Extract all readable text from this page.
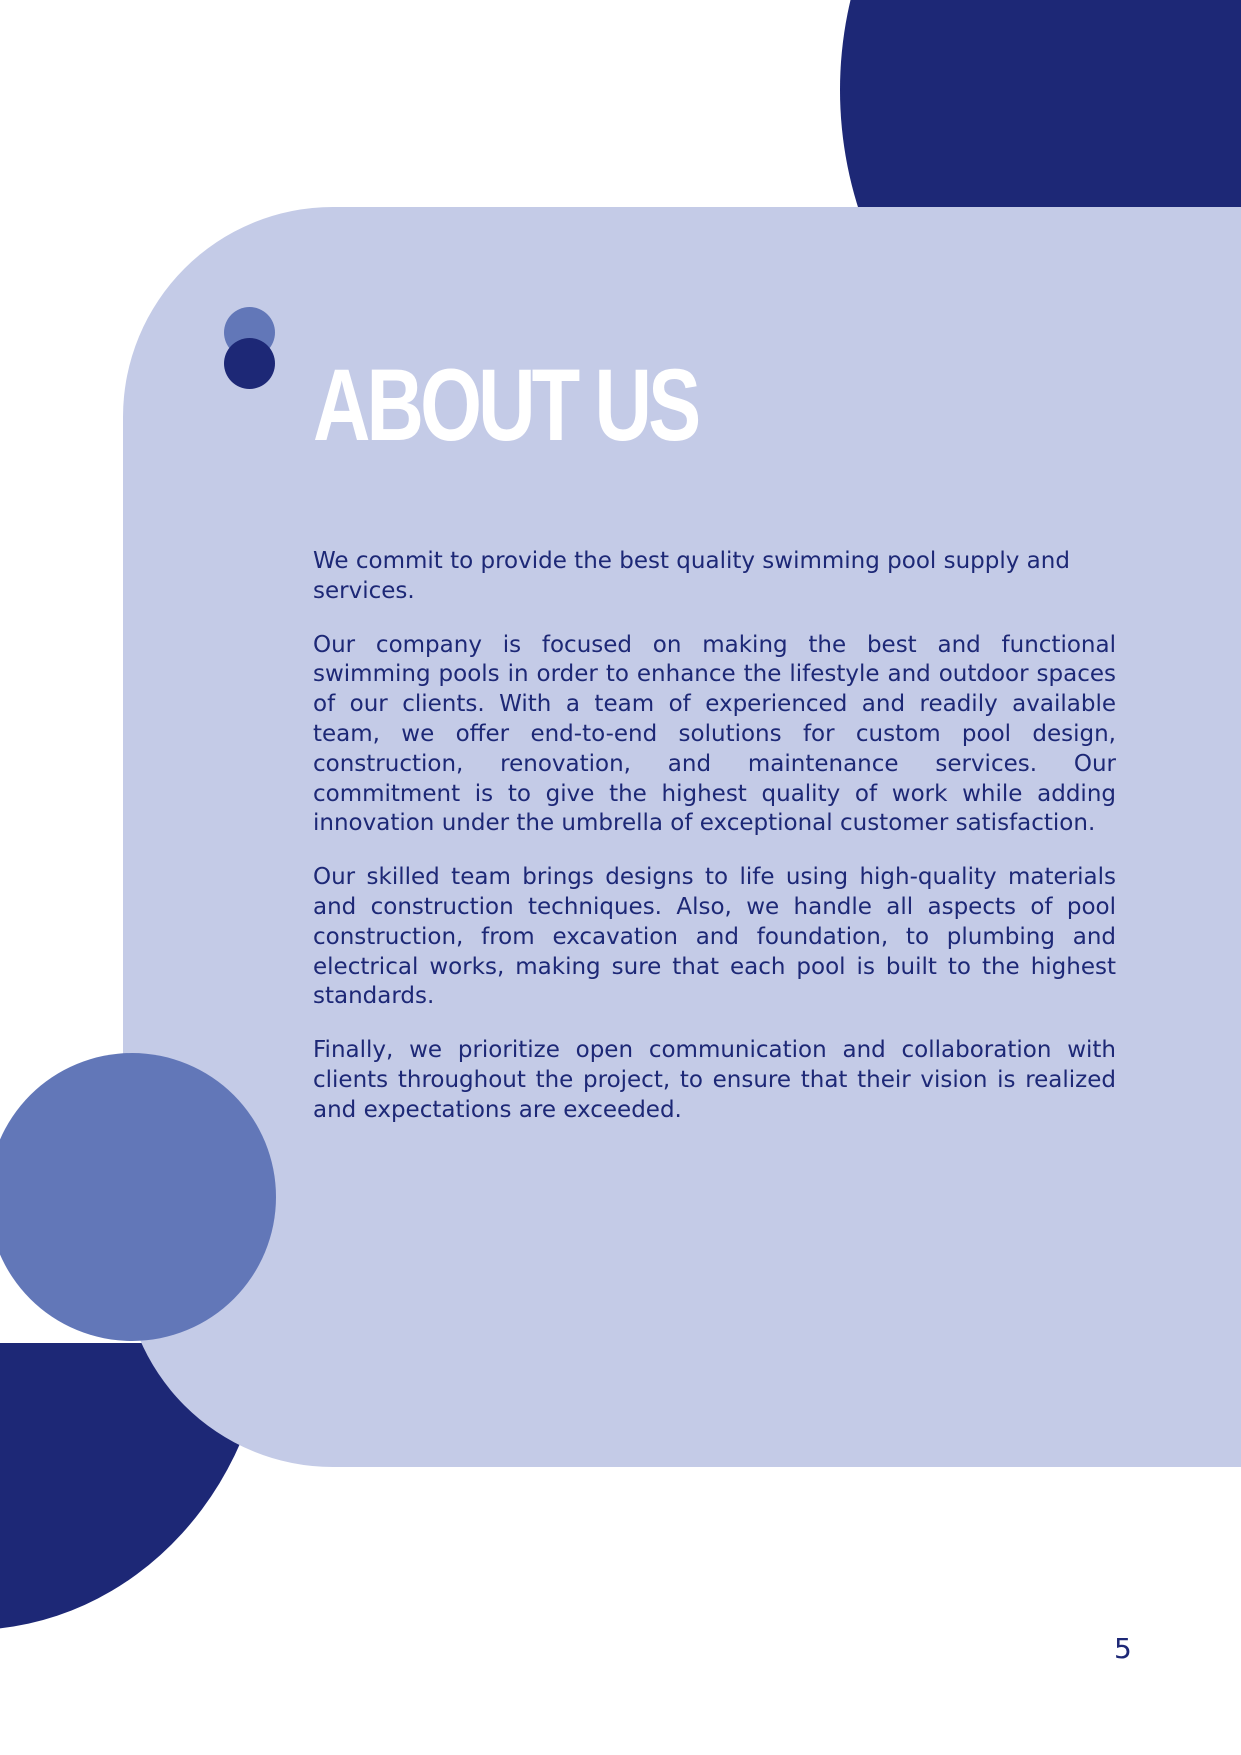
ABOUT US

We commit to provide the best quality swimming pool supply and services.

Our company is focused on making the best and functional swimming pools in order to enhance the lifestyle and outdoor spaces of our clients. With a team of experienced and readily available team, we offer end-to-end solutions for custom pool design, construction, renovation, and maintenance services. Our commitment is to give the highest quality of work while adding innovation under the umbrella of exceptional customer satisfaction.

Our skilled team brings designs to life using high-quality materials and construction techniques. Also, we handle all aspects of pool construction, from excavation and foundation, to plumbing and electrical works, making sure that each pool is built to the highest standards.

Finally, we prioritize open communication and collaboration with clients throughout the project, to ensure that their vision is realized and expectations are exceeded.

5
